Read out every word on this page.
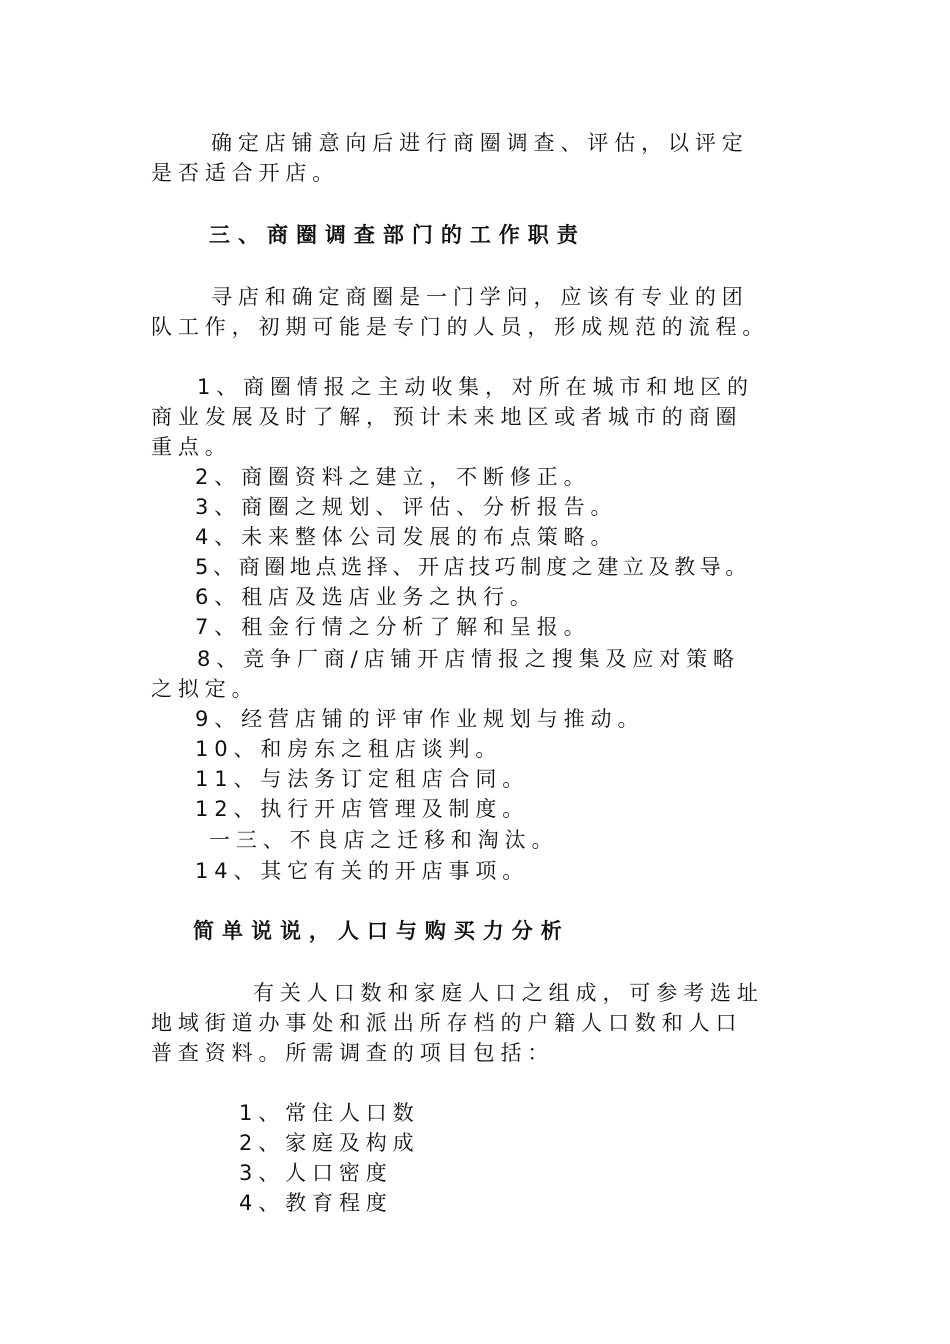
确定店铺意向后进行商圈调查、评估，以评定
是否适合开店。
三、商圈调查部门的工作职责
寻店和确定商圈是一门学问，应该有专业的团
队工作，初期可能是专门的人员，形成规范的流程。
1、商圈情报之主动收集，对所在城市和地区的
商业发展及时了解，预计未来地区或者城市的商圈
重点。
2、商圈资料之建立，不断修正。
3、商圈之规划、评估、分析报告。
4、未来整体公司发展的布点策略。
5、商圈地点选择、开店技巧制度之建立及教导。
6、租店及选店业务之执行。
7、租金行情之分析了解和呈报。
8、竞争厂商/店铺开店情报之搜集及应对策略
之拟定。
9、经营店铺的评审作业规划与推动。
10、和房东之租店谈判。
11、与法务订定租店合同。
12、执行开店管理及制度。
一三、不良店之迁移和淘汰。
14、其它有关的开店事项。
简单说说，人口与购买力分析
有关人口数和家庭人口之组成，可参考选址
地域街道办事处和派出所存档的户籍人口数和人口
普查资料。所需调查的项目包括：
1、常住人口数
2、家庭及构成
3、人口密度
4、教育程度
